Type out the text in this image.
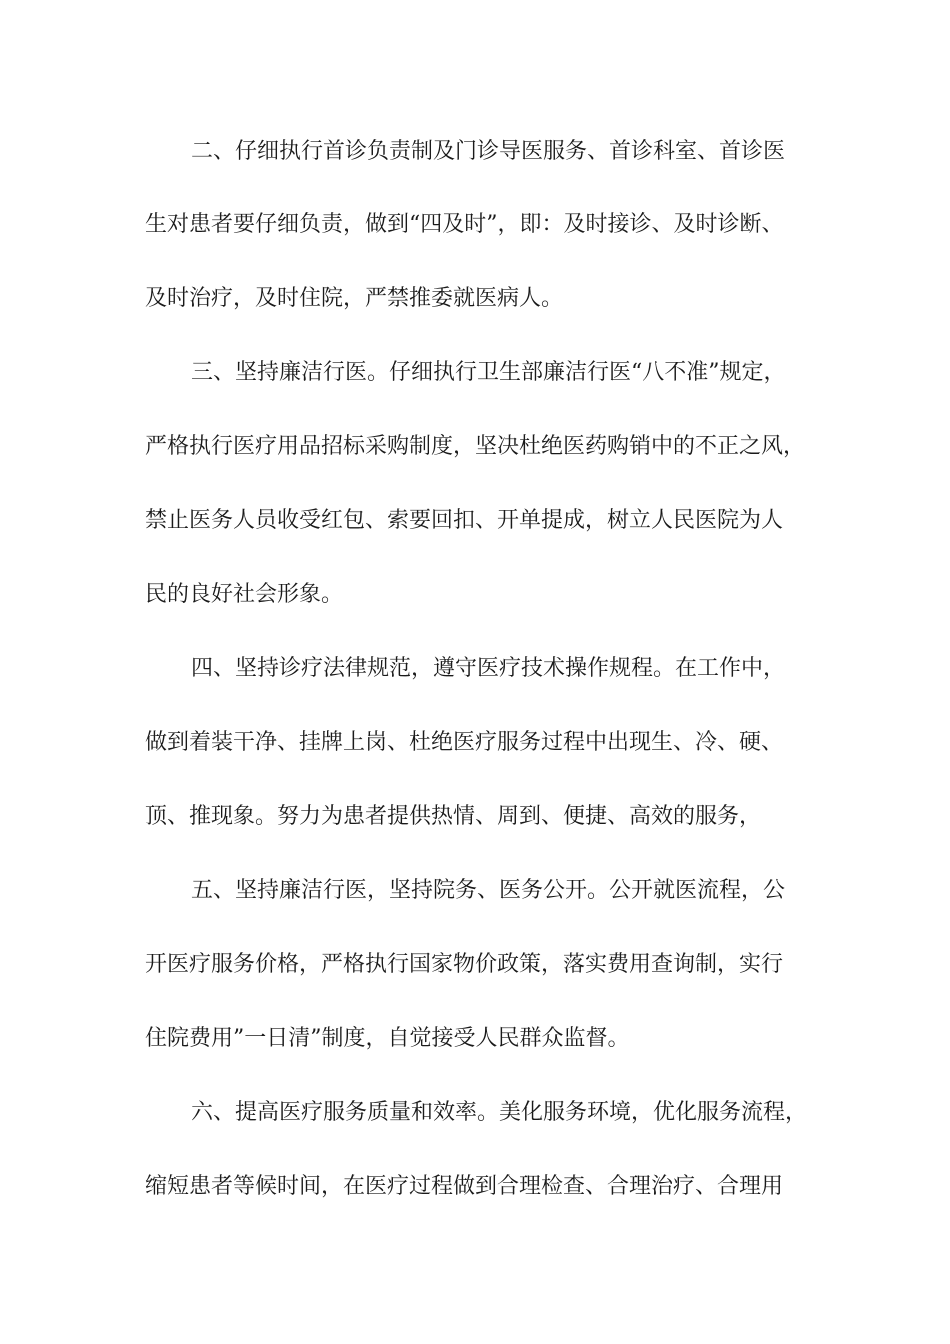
二、仔细执行首诊负责制及门诊导医服务、首诊科室、首诊医
生对患者要仔细负责，做到“四及时”，即：及时接诊、及时诊断、
及时治疗，及时住院，严禁推委就医病人。
三、坚持廉洁行医。仔细执行卫生部廉洁行医“八不准”规定，
严格执行医疗用品招标采购制度，坚决杜绝医药购销中的不正之风，
禁止医务人员收受红包、索要回扣、开单提成，树立人民医院为人
民的良好社会形象。
四、坚持诊疗法律规范，遵守医疗技术操作规程。在工作中，
做到着装干净、挂牌上岗、杜绝医疗服务过程中出现生、冷、硬、
顶、推现象。努力为患者提供热情、周到、便捷、高效的服务，
五、坚持廉洁行医，坚持院务、医务公开。公开就医流程，公
开医疗服务价格，严格执行国家物价政策，落实费用查询制，实行
住院费用”一日清”制度，自觉接受人民群众监督。
六、提高医疗服务质量和效率。美化服务环境，优化服务流程，
缩短患者等候时间，在医疗过程做到合理检查、合理治疗、合理用
